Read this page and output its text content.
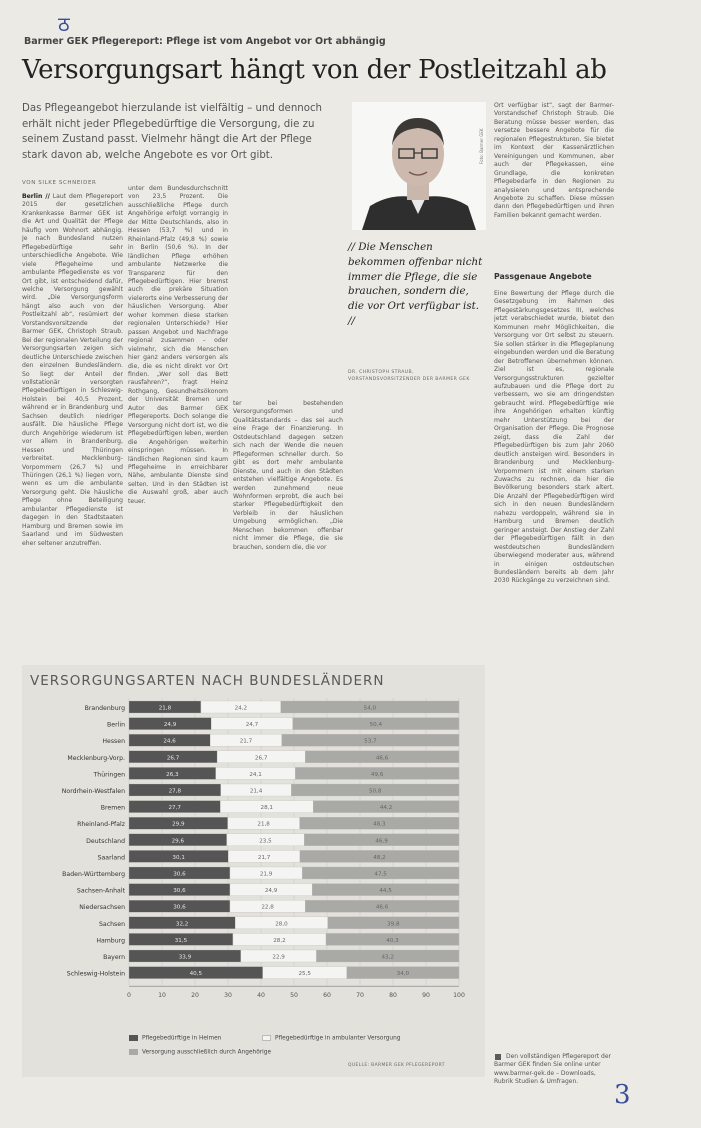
ठ
Barmer GEK Pflegereport: Pflege ist vom Angebot vor Ort abhängig
Versorgungsart hängt von der Postleitzahl ab
Das Pflegeangebot hierzulande ist vielfältig – und dennoch erhält nicht jeder Pflegebedürftige die Versorgung, die zu seinem Zustand passt. Vielmehr hängt die Art der Pflege stark davon ab, welche Angebote es vor Ort gibt.
VON SILKE SCHNEIDER

Berlin // Laut dem Pflegereport 2015 der gesetzlichen Krankenkasse Barmer GEK ist die Art und Qualität der Pflege häufig vom Wohnort abhängig. Je nach Bundesland nutzen Pflegebedürftige sehr unterschiedliche Angebote. Wie viele Pflegeheime und ambulante Pflegedienste es vor Ort gibt, ist entscheidend dafür, welche Versorgung gewählt wird. „Die Versorgungsform hängt also auch von der Postleitzahl ab“, resümiert der Vorstandsvorsitzende der Barmer GEK, Christoph Straub. Bei der regionalen Verteilung der Versorgungsarten zeigen sich deutliche Unterschiede zwischen den einzelnen Bundesländern. So liegt der Anteil der vollstationär versorgten Pflegebedürftigen in Schleswig-Holstein bei 40,5 Prozent, während er in Brandenburg und Sachsen deutlich niedriger ausfällt. Die häusliche Pflege durch Angehörige wiederum ist vor allem in Brandenburg, Hessen und Thüringen verbreitet. Mecklenburg-Vorpommern (26,7 %) und Thüringen (26,1 %) liegen vorn, wenn es um die ambulante Versorgung geht. Die häusliche Pflege ohne Beteiligung ambulanter Pflegedienste ist dagegen in den Stadtstaaten Hamburg und Bremen sowie im Saarland und im Südwesten eher seltener anzutreffen.

unter dem Bundesdurchschnitt von 23,5 Prozent. Die ausschließliche Pflege durch Angehörige erfolgt vorrangig in der Mitte Deutschlands, also in Hessen (53,7 %) und in Rheinland-Pfalz (49,8 %) sowie in Berlin (50,6 %). In der ländlichen Pflege erhöhen ambulante Netzwerke die Transparenz für den Pflegebedürftigen. Hier bremst auch die prekäre Situation vielerorts eine Verbesserung der häuslichen Versorgung. Aber woher kommen diese starken regionalen Unterschiede? Hier passen Angebot und Nachfrage regional zusammen – oder vielmehr, sich die Menschen hier ganz anders versorgen als die, die es nicht direkt vor Ort finden. „Wer soll das Bett rausfahren?“, fragt Heinz Rothgang, Gesundheitsökonom der Universität Bremen und Autor des Barmer GEK Pflegereports. Doch solange die Versorgung nicht dort ist, wo die Pflegebedürftigen leben, werden die Angehörigen weiterhin einspringen müssen. In ländlichen Regionen sind kaum Pflegeheime in erreichbarer Nähe, ambulante Dienste sind selten. Und in den Städten ist die Auswahl groß, aber auch teuer.

ter bei bestehenden Versorgungsformen und Qualitätsstandards – das sei auch eine Frage der Finanzierung. In Ostdeutschland dagegen setzen sich nach der Wende die neuen Pflegeformen schneller durch. So gibt es dort mehr ambulante Dienste, und auch in den Städten entstehen vielfältige Angebote. Es werden zunehmend neue Wohnformen erprobt, die auch bei starker Pflegebedürftigkeit den Verbleib in der häuslichen Umgebung ermöglichen. „Die Menschen bekommen offenbar nicht immer die Pflege, die sie brauchen, sondern die, die vor

Foto: Barmer GEK
// Die Menschen bekommen offenbar nicht immer die Pflege, die sie brauchen, sondern die, die vor Ort verfügbar ist. //
DR. CHRISTOPH STRAUB, VORSTANDSVORSITZENDER DER BARMER GEK

Ort verfügbar ist“, sagt der Barmer-Vorstandschef Christoph Straub. Die Beratung müsse besser werden, das versetze bessere Angebote für die regionalen Pflegestrukturen. Sie bietet im Kontext der Kassenärztlichen Vereinigungen und Kommunen, aber auch der Pflegekassen, eine Grundlage, die konkreten Pflegebedarfe in den Regionen zu analysieren und entsprechende Angebote zu schaffen. Diese müssen dann den Pflegebedürftigen und ihren Familien bekannt gemacht werden.

Passgenaue Angebote

Eine Bewertung der Pflege durch die Gesetzgebung im Rahmen des Pflegestärkungsgesetzes III, welches jetzt verabschiedet wurde, bietet den Kommunen mehr Möglichkeiten, die Versorgung vor Ort selbst zu steuern. Sie sollen stärker in die Pflegeplanung eingebunden werden und die Beratung der Betroffenen übernehmen können. Ziel ist es, regionale Versorgungsstrukturen gezielter aufzubauen und die Pflege dort zu verbessern, wo sie am dringendsten gebraucht wird. Pflegebedürftige wie ihre Angehörigen erhalten künftig mehr Unterstützung bei der Organisation der Pflege. Die Prognose zeigt, dass die Zahl der Pflegebedürftigen bis zum Jahr 2060 deutlich ansteigen wird. Besonders in Brandenburg und Mecklenburg-Vorpommern ist mit einem starken Zuwachs zu rechnen, da hier die Bevölkerung besonders stark altert. Die Anzahl der Pflegebedürftigen wird sich in den neuen Bundesländern nahezu verdoppeln, während sie in Hamburg und Bremen deutlich geringer ansteigt. Der Anstieg der Zahl der Pflegebedürftigen fällt in den westdeutschen Bundesländern überwiegend moderater aus, während in einigen ostdeutschen Bundesländern bereits ab dem Jahr 2030 Rückgänge zu verzeichnen sind.

VERSORGUNGSARTEN NACH BUNDESLÄNDERN
0	10	20	30	40	50	60	70	80	90	100
Brandenburg	21,8	24,2	54,0
Berlin	24,9	24,7	50,4
Hessen	24,6	21,7	53,7
Mecklenburg-Vorp.	26,7	26,7	46,6
Thüringen	26,3	24,1	49,6
Nordrhein-Westfalen	27,8	21,4	50,8
Bremen	27,7	28,1	44,2
Rheinland-Pfalz	29,9	21,8	48,3
Deutschland	29,6	23,5	46,9
Saarland	30,1	21,7	48,2
Baden-Württemberg	30,6	21,9	47,5
Sachsen-Anhalt	30,6	24,9	44,5
Niedersachsen	30,6	22,8	46,6
Sachsen	32,2	28,0	39,8
Hamburg	31,5	28,2	40,3
Bayern	33,9	22,9	43,2
Schleswig-Holstein	40,5	25,5	34,0
Pflegebedürftige in Heimen	Pflegebedürftige in ambulanter Versorgung
Versorgung ausschließlich durch Angehörige
QUELLE: BARMER GEK PFLEGEREPORT
Den vollständigen Pflegereport der Barmer GEK finden Sie online unter www.barmer-gek.de – Downloads, Rubrik Studien & Umfragen.	3
